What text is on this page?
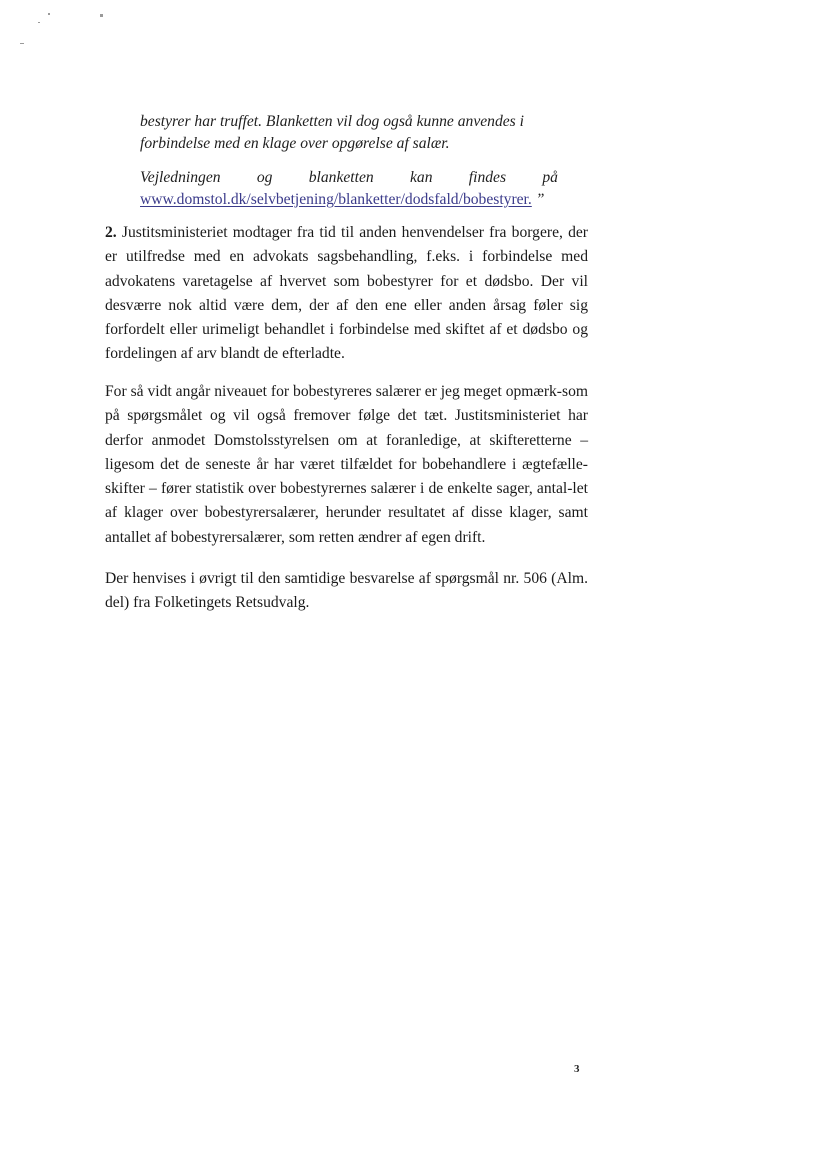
bestyrer har truffet. Blanketten vil dog også kunne anvendes i

forbindelse med en klage over opgørelse af salær.

Vejledningen og blanketten kan findes på

www.domstol.dk/selvbetjening/blanketter/dodsfald/bobestyrer. ”

2. Justitsministeriet modtager fra tid til anden henvendelser fra borgere, der er utilfredse med en advokats sagsbehandling, f.eks. i forbindelse med advokatens varetagelse af hvervet som bobestyrer for et dødsbo. Der vil desværre nok altid være dem, der af den ene eller anden årsag føler sig forfordelt eller urimeligt behandlet i forbindelse med skiftet af et dødsbo og fordelingen af arv blandt de efterladte.

For så vidt angår niveauet for bobestyreres salærer er jeg meget opmærk-som på spørgsmålet og vil også fremover følge det tæt. Justitsministeriet har derfor anmodet Domstolsstyrelsen om at foranledige, at skifteretterne – ligesom det de seneste år har været tilfældet for bobehandlere i ægtefælle-skifter – fører statistik over bobestyrernes salærer i de enkelte sager, antal-let af klager over bobestyrersalærer, herunder resultatet af disse klager, samt antallet af bobestyrersalærer, som retten ændrer af egen drift.

Der henvises i øvrigt til den samtidige besvarelse af spørgsmål nr. 506 (Alm. del) fra Folketingets Retsudvalg.

3
